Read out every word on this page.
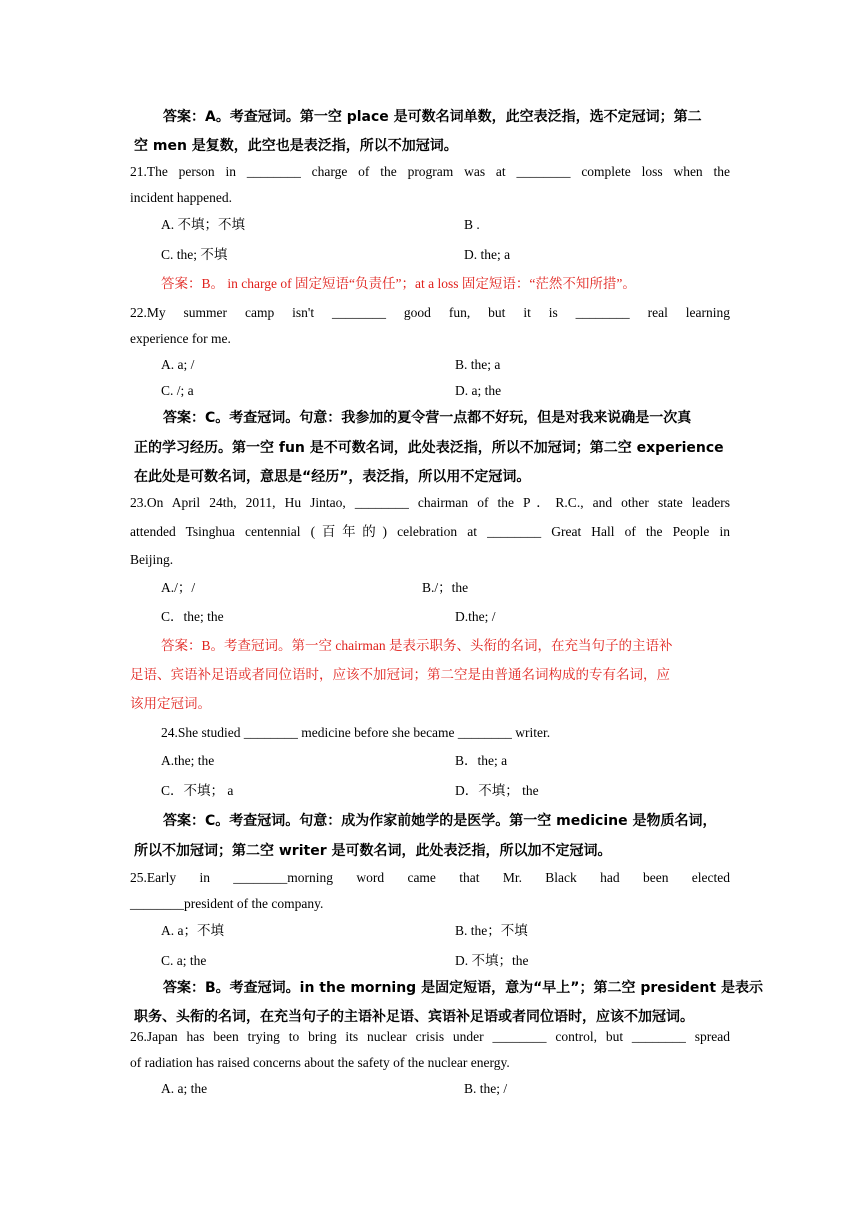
答案：A。考查冠词。第一空 place 是可数名词单数，此空表泛指，选不定冠词；第二
空 men 是复数，此空也是表泛指，所以不加冠词。
21.The person in ________ charge of the program was at ________ complete loss when the
incident happened.
A. 不填；不填	B .
C. the; 不填	D. the; a
答案：B。 in charge of 固定短语“负责任”；at a loss 固定短语：“茫然不知所措”。
22.My summer camp isn't ________ good fun, but it is ________ real learning
experience for me.
A. a; /	B. the; a
C. /; a	D. a; the
答案：C。考查冠词。句意：我参加的夏令营一点都不好玩，但是对我来说确是一次真
正的学习经历。第一空 fun 是不可数名词，此处表泛指，所以不加冠词；第二空 experience
在此处是可数名词，意思是“经历”，表泛指，所以用不定冠词。
23.On April 24th, 2011, Hu Jintao, ________ chairman of the P．R.C., and other state leaders
attended Tsinghua centennial (百年的) celebration at ________ Great Hall of the People in
Beijing.
A./；/	B./；the
C．the; the	D.the; /
答案：B。考查冠词。第一空 chairman 是表示职务、头衔的名词，在充当句子的主语补
足语、宾语补足语或者同位语时，应该不加冠词；第二空是由普通名词构成的专有名词，应
该用定冠词。
24.She studied ________ medicine before she became ________ writer.
A.the; the	B．the; a
C．不填； a	D．不填； the
答案：C。考查冠词。句意：成为作家前她学的是医学。第一空 medicine 是物质名词，
所以不加冠词；第二空 writer 是可数名词，此处表泛指，所以加不定冠词。
25.Early in ________morning word came that Mr. Black had been elected
________president of the company.
A. a；不填	B. the；不填
C. a; the	D. 不填；the
答案：B。考查冠词。in the morning 是固定短语，意为“早上”；第二空 president 是表示
职务、头衔的名词，在充当句子的主语补足语、宾语补足语或者同位语时，应该不加冠词。
26.Japan has been trying to bring its nuclear crisis under ________ control, but ________ spread
of radiation has raised concerns about the safety of the nuclear energy.
A. a; the	B. the; /
